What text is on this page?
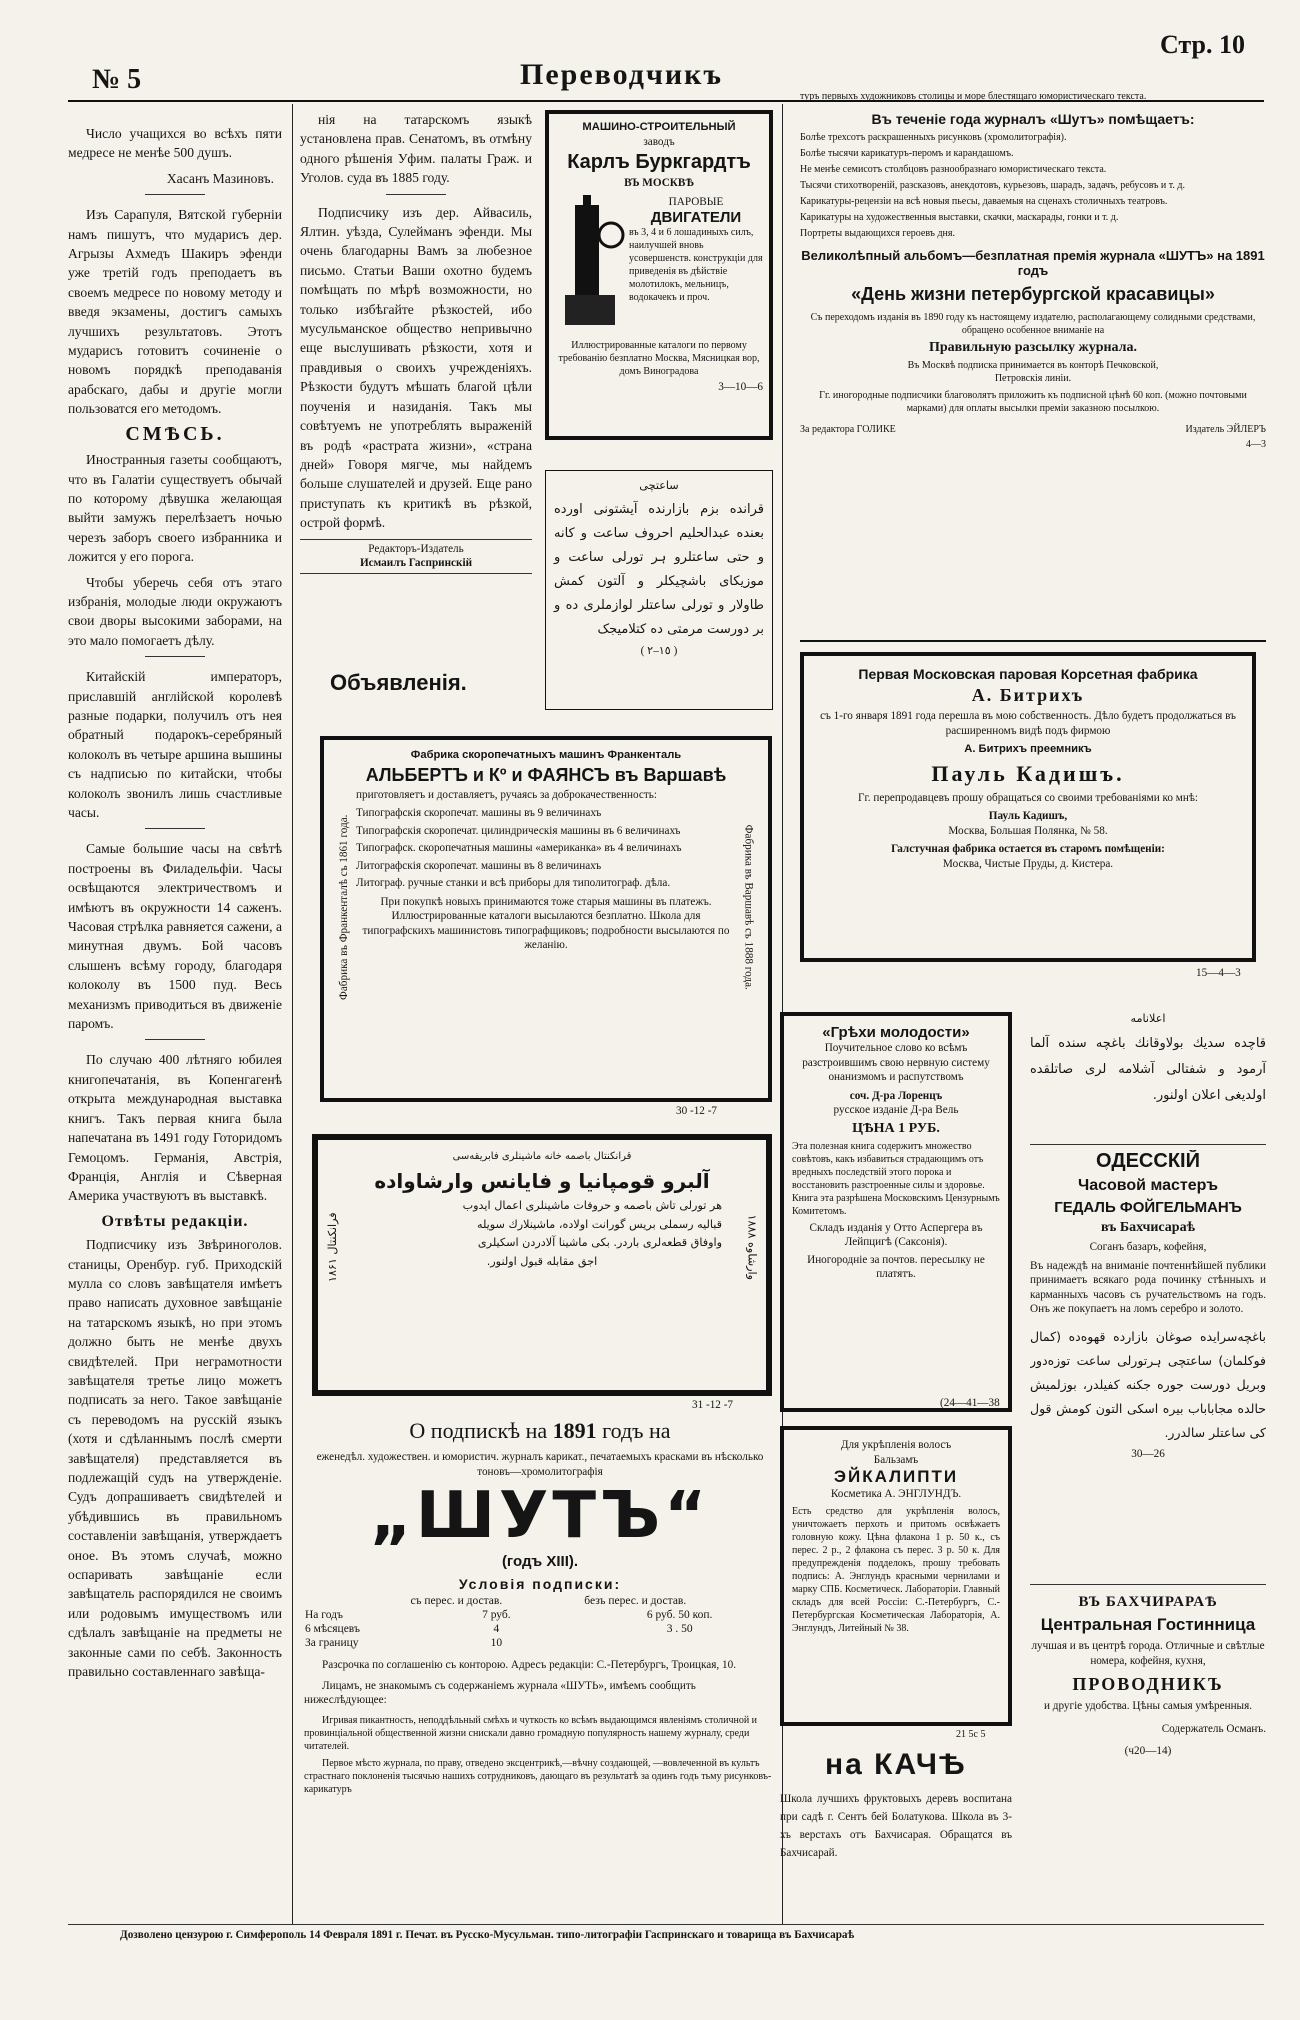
№ 5	Переводчикъ
Стр. 10

Число учащихся во всѣхъ пяти медресе не менѣе 500 душъ.

Хасанъ Мазиновъ.

Изъ Сарапуля, Вятской губерніи намъ пишутъ, что мударисъ дер. Агрызы Ахмедъ Шакиръ эфенди уже третій годъ преподаетъ въ своемъ медресе по новому методу и введя экзамены, достигъ самыхъ лучшихъ результатовъ. Этотъ мударисъ готовитъ сочиненіе о новомъ порядкѣ преподаванія арабскаго, дабы и другіе могли пользоватся его методомъ.

СМѢСЬ.

Иностранныя газеты сообщаютъ, что въ Галатіи существуетъ обычай по которому дѣвушка желающая выйти замужъ перелѣзаетъ ночью черезъ заборъ своего избранника и ложится у его порога.

Чтобы уберечь себя отъ этаго избранія, молодые люди окружаютъ свои дворы высокими заборами, на это мало помогаетъ дѣлу.

Китайскій императоръ, приславшій англійской королевѣ разные подарки, получилъ отъ нея обратный подарокъ-серебряный колоколъ въ четыре аршина вышины съ надписью по китайски, чтобы колоколъ звонилъ лишь счастливые часы.

Самые большие часы на свѣтѣ построены въ Филадельфіи. Часы освѣщаются электричествомъ и имѣютъ въ окружности 14 саженъ. Часовая стрѣлка равняется сажени, а минутная двумъ. Бой часовъ слышенъ всѣму городу, благодаря колоколу въ 1500 пуд. Весь механизмъ приводиться въ движеніе паромъ.

По случаю 400 лѣтняго юбилея книгопечатанія, въ Копенгагенѣ открыта международная выставка книгъ. Такъ первая книга была напечатана въ 1491 году Готоридомъ Гемоцомъ. Германія, Австрія, Франція, Англія и Сѣверная Америка участвуютъ въ выставкѣ.

Отвѣты редакціи.

Подписчику изъ Звѣриноголов. станицы, Оренбур. губ. Приходскій мулла со словъ завѣщателя имѣетъ право написать духовное завѣщаніе на татарскомъ языкѣ, но при этомъ должно быть не менѣе двухъ свидѣтелей. При неграмотности завѣщателя третье лицо можетъ подписать за него. Такое завѣщаніе съ переводомъ на русскій языкъ (хотя и сдѣланнымъ послѣ смерти завѣщателя) представляется въ подлежащій судъ на утвержденіе. Судъ допрашиваетъ свидѣтелей и убѣдившись въ правильномъ составленіи завѣщанія, утверждаетъ оное. Въ этомъ случаѣ, можно оспаривать завѣщаніе если завѣщатель распорядился не своимъ или родовымъ имуществомъ или сдѣлалъ завѣщаніе на предметы не законные сами по себѣ. Законность правильно составленнаго завѣща-

нія на татарскомъ языкѣ установлена прав. Сенатомъ, въ отмѣну одного рѣшенія Уфим. палаты Граж. и Уголов. суда въ 1885 году.

Подписчику изъ дер. Айвасиль, Ялтин. уѣзда, Сулейманъ эфенди. Мы очень благодарны Вамъ за любезное письмо. Статьи Ваши охотно будемъ помѣщать по мѣрѣ возможности, но только избѣгайте рѣзкостей, ибо мусульманское общество непривычно еще выслушивать рѣзкости, хотя и правдивыя о своихъ учрежденіяхъ. Рѣзкости будутъ мѣшать благой цѣли поученія и назиданія. Такъ мы совѣтуемъ не употреблять выраженій въ родѣ «растрата жизни», «страна дней» Говоря мягче, мы найдемъ больше слушателей и друзей. Еще рано приступать къ критикѣ въ рѣзкой, острой формѣ.

Редакторъ-Издатель
Исмаилъ Гаспринскій
Объявленія.
МАШИНО-СТРОИТЕЛЬНЫЙ
заводъ
Карлъ Буркгардтъ
ВЪ МОСКВѢ
ПАРОВЫЕ
ДВИГАТЕЛИ
въ 3, 4 и 6 лошадиныхъ силъ, наилучшей вновь усовершенств. конструкціи для приведенія въ дѣйствіе молотилокъ, мельницъ, водокачекъ и проч.
Иллюстрированные каталоги по первому требованію безплатно Москва, Мясницкая вор, домъ Виноградова
3—10—6
ساعتچی
قراندە بزم بازارندە آیشتونی اوردە بعندە عبدالحلیم احروف ساعت و کانە و حتی ساعتلرو ہر تورلی ساعت و موزیکای باشچیکلر و آلتون کمش طاولار و تورلی ساعتلر لوازملری ده و بر دورست مرمتی ده کتلامیجک
( ١٥–٢ )
Фабрика въ Франкенталѣ съ 1861 года.	Фабрика въ Варшавѣ съ 1888 года.
Фабрика скоропечатныхъ машинъ Франкенталь
АЛЬБЕРТЪ и Кº и ФАЯНСЪ въ Варшавѣ
приготовляетъ и доставляетъ, ручаясь за доброкачественность:
Типографскія скоропечат. машины въ 9 величинахъ
Типографскія скоропечат. цилиндрическія машины въ 6 величинахъ
Типографск. скоропечатныя машины «американка» въ 4 величинахъ
Литографскія скоропечат. машины въ 8 величинахъ
Литограф. ручные станки и всѣ приборы для типолитограф. дѣла.
При покупкѣ новыхъ принимаются тоже старыя машины въ платежъ. Иллюстрированные каталоги высылаются безплатно. Школа для типографскихъ машинистовъ типографщиковъ; подробности высылаются по желанію.
30 -12 -7
فرانکنتال ۱۸۶۱	وارشاوە ۱۸۸۸
قرانکنتال باصمه خانه ماشینلری فابریقەسی
آلبرو قومپانیا و فایانس وارشاواده
هر تورلی تاش باصمه و حروفات ماشینلری اعمال ایدوب
قبالیه رسملی بریس گورانت اولادە، ماشینلارك سویلە
واوفاق قطعەلری باردر. بکی ماشینا آلادردن اسکیلری
اجق مقابله قبول اولنور.
31 -12 -7
О подпискѣ на 1891 годъ на
еженедѣл. художествен. и юмористич. журналъ карикат., печатаемыхъ красками въ нѣсколько тоновъ—хромолитографія
„ШУТЪ“
(годъ XIII).
Условія подписки:
	съ перес. и достав.	безъ перес. и достав.
На годъ	7 руб.	6 руб. 50 коп.
6 мѣсяцевъ	4	3 . 50
За границу	10	
Разсрочка по соглашенію съ конторою. Адресъ редакціи: С.-Петербургъ, Троицкая, 10.
Лицамъ, не знакомымъ съ содержаніемъ журнала «ШУТЬ», имѣемъ сообщить нижеслѣдующее:
Игривая пикантность, неподдѣльный смѣхъ и чуткость ко всѣмъ выдающимся явленіямъ столичной и провинціальной общественной жизни снискали давно громадную популярность нашему журналу, среди читателей.
Первое мѣсто журнала, по праву, отведено эксцентрикѣ,—вѣчну создающей, —вовлеченной въ культъ страстнаго поклоненія тысячью нашихъ сотрудниковъ, дающаго въ результатѣ за одинъ годъ тьму рисунковъ-карикатуръ
туръ первыхъ художниковъ столицы и море блестящаго юмористическаго текста.
Въ теченіе года журналъ «Шутъ» помѣщаетъ:
Болѣе трехсотъ раскрашенныхъ рисунковъ (хромолитографія).
Болѣе тысячи карикатуръ-перомъ и карандашомъ.
Не менѣе семисотъ столбцовъ разнообразнаго юмористическаго текста.
Тысячи стихотвореній, разсказовъ, анекдотовъ, курьезовъ, шарадъ, задачъ, ребусовъ и т. д.
Карикатуры-рецензіи на всѣ новыя пьесы, даваемыя на сценахъ столичныхъ театровъ.
Карикатуры на художественныя выставки, скачки, маскарады, гонки и т. д.
Портреты выдающихся героевъ дня.
Великолѣпный альбомъ—безплатная премія журнала «ШУТЪ» на 1891 годъ
«День жизни петербургской красавицы»
Съ переходомъ изданія въ 1890 году къ настоящему издателю, располагающему солидными средствами, обращено особенное вниманіе на
Правильную разсылку журнала.
Въ Москвѣ подписка принимается въ конторѣ Печковской,
Петровскія линіи.
Гг. иногородные подписчики благоволятъ приложить къ подписной цѣнѣ 60 коп. (можно почтовыми марками) для оплаты высылки преміи заказною посылкою.
За редактора ГОЛИКЕ	Издатель ЭЙЛЕРЪ
4—3
Первая Московская паровая Корсетная фабрика
А. Битрихъ
съ 1-го января 1891 года перешла въ мою собственность. Дѣло будетъ продолжаться въ расширенномъ видѣ подъ фирмою
А. Битрихъ преемникъ
Пауль Кадишъ.
Гг. перепродавцевъ прошу обращаться со своими требованіями ко мнѣ:
Пауль Кадишъ,
Москва, Большая Полянка, № 58.
Галстучная фабрика остается въ старомъ помѣщеніи:
Москва, Чистые Пруды, д. Кистера.
15—4—3
«Грѣхи молодости»
Поучительное слово ко всѣмъ разстроившимъ свою нервную систему онанизмомъ и распутствомъ
соч. Д-ра Лоренцъ
русское изданіе Д-ра Вель
ЦѢНА 1 РУБ.
Эта полезная книга содержитъ множество совѣтовъ, какъ избавиться страдающимъ отъ вредныхъ последствій этого порока и восстановить разстроенные силы и здоровье. Книга эта разрѣшена Московскимъ Цензурнымъ Комитетомъ.
Складъ изданія у Отто Аспергера въ Лейпцигѣ (Саксонія).
Иногородніе за почтов. пересылку не платятъ.
(24—41—38
اعلانامه
قاچده سدیك بولاوقانك باغچه سنده آلما آرمود و شفتالی آشلامه لری صاتلقده اولدیغی اعلان اولنور.
ОДЕССКІЙ
Часовой мастеръ
ГЕДАЛЬ ФОЙГЕЛЬМАНЪ
въ Бахчисараѣ
Соганъ базаръ, кофейня,
Въ надеждѣ на вниманіе почтеннѣйшей публики принимаетъ всякаго рода починку стѣнныхъ и карманныхъ часовъ съ ручательствомъ на годъ. Онъ же покупаетъ на ломъ серебро и золото.
باغچەسرایدە صوغان بازاردە قهوەدە (کمال فوکلمان) ساعتچی ہرتورلی ساعت توزەدور وبریل دورست جوره جکنه کفیلدر، بوزلمیش حالده مجاباباب بیره اسکی التون کومش قول کی ساعتلر سالدرر.
30—26
Для укрѣпленія волосъ
Бальзамъ
ЭЙКАЛИПТИ
Косметика А. ЭНГЛУНДЪ.
Есть средство для укрѣпленія волосъ, уничтожаетъ перхоть и притомъ освѣжаетъ головную кожу. Цѣна флакона 1 р. 50 к., съ перес. 2 р., 2 флакона съ перес. 3 р. 50 к. Для предупрежденія подделокъ, прошу требовать подпись: А. Энглундъ красными чернилами и марку СПБ. Косметическ. Лабораторіи. Главный складъ для всей Россіи: С.-Петербургъ, С.-Петербургская Косметическая Лабораторія, А. Энглундъ, Литейный № 38.
21 5c 5
на КАЧѢ
Школа лучшихъ фруктовыхъ деревъ воспитана при садѣ г. Сентъ бей Болатукова. Школа въ 3-хъ верстахъ отъ Бахчисарая. Обращатся въ Бахчисарай.
ВЪ БАХЧИРАРАѢ
Центральная Гостинница
лучшая и въ центрѣ города. Отличные и свѣтлые номера, кофейня, кухня,
ПРОВОДНИКЪ
и другіе удобства. Цѣны самыя умѣренныя.
Содержатель Османъ.
(ч20—14)
Дозволено цензурою г. Симферополь 14 Февраля 1891 г. Печат. въ Русско-Мусульман. типо-литографіи Гаспринскаго и товарища въ Бахчисараѣ
